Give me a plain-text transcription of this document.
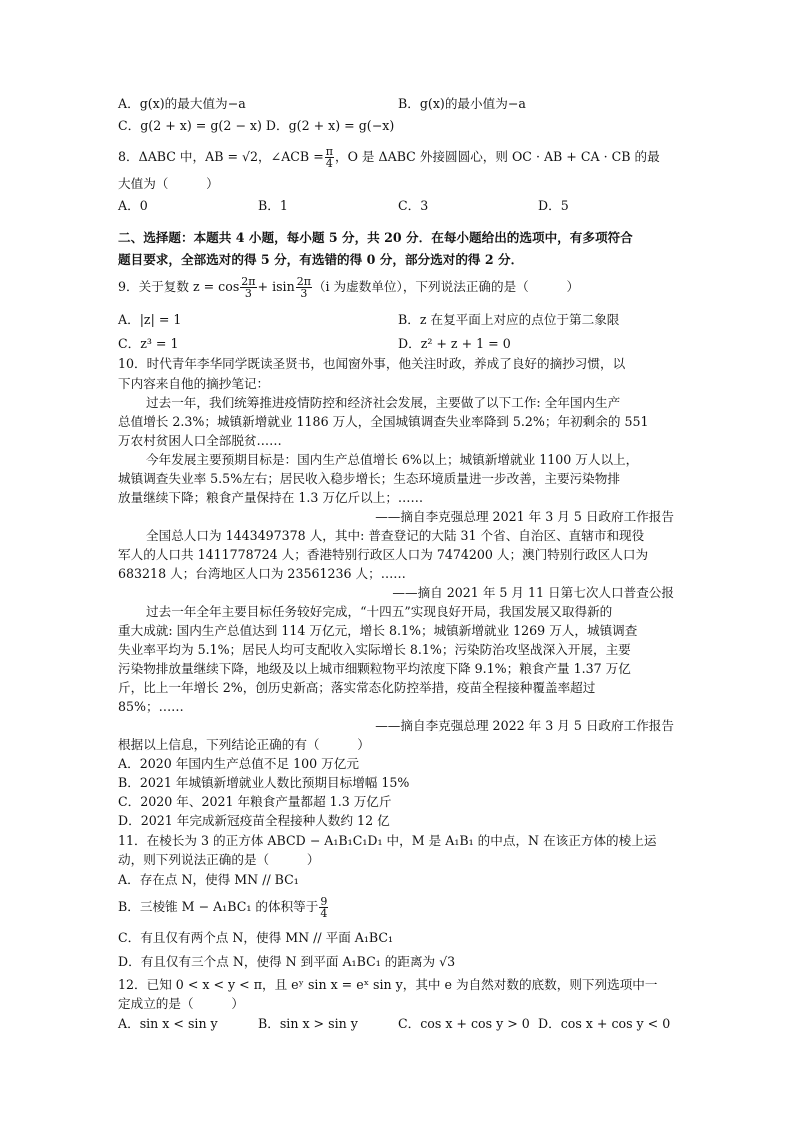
A．g(x)的最大值为−a	B．g(x)的最小值为−a
C．g(2 + x) = g(2 − x) D．g(2 + x) = g(−x)
8．ΔABC 中，AB = √2，∠ACB = $\frac{\pi}{4}$ ，O 是 ΔABC 外接圆圆心，则 OC · AB + CA · CB 的最
大值为（　　　）
A．0	B．1	C．3	D．5
二、选择题：本题共 4 小题，每小题 5 分，共 20 分．在每小题给出的选项中，有多项符合
题目要求，全部选对的得 5 分，有选错的得 0 分，部分选对的得 2 分．
9．关于复数 $z = \cos \frac{2\pi}{3} + isin \frac{2\pi}{3} (i$ 为虚数单位），下列说法正确的是（　　　）
A．|z| = 1	B．z 在复平面上对应的点位于第二象限
C．z³ = 1	D．z² + z + 1 = 0
10．时代青年李华同学既读圣贤书，也闻窗外事，他关注时政，养成了良好的摘抄习惯，以
下内容来自他的摘抄笔记：
过去一年，我们统筹推进疫情防控和经济社会发展，主要做了以下工作: 全年国内生产
总值增长 2.3%；城镇新增就业 1186 万人，全国城镇调查失业率降到 5.2%；年初剩余的 551
万农村贫困人口全部脱贫……
今年发展主要预期目标是：国内生产总值增长 6%以上；城镇新增就业 1100 万人以上，
城镇调查失业率 5.5%左右；居民收入稳步增长；生态环境质量进一步改善，主要污染物排
放量继续下降；粮食产量保持在 1.3 万亿斤以上；……
——摘自李克强总理 2021 年 3 月 5 日政府工作报告
全国总人口为 1443497378 人，其中: 普查登记的大陆 31 个省、自治区、直辖市和现役
军人的人口共 1411778724 人；香港特别行政区人口为 7474200 人；澳门特别行政区人口为
683218 人；台湾地区人口为 23561236 人；……
——摘自 2021 年 5 月 11 日第七次人口普查公报
过去一年全年主要目标任务较好完成，“十四五”实现良好开局，我国发展又取得新的
重大成就: 国内生产总值达到 114 万亿元，增长 8.1%；城镇新增就业 1269 万人，城镇调查
失业率平均为 5.1%；居民人均可支配收入实际增长 8.1%；污染防治攻坚战深入开展，主要
污染物排放量继续下降，地级及以上城市细颗粒物平均浓度下降 9.1%；粮食产量 1.37 万亿
斤，比上一年增长 2%，创历史新高；落实常态化防控举措，疫苗全程接种覆盖率超过
85%；……
——摘自李克强总理 2022 年 3 月 5 日政府工作报告
根据以上信息，下列结论正确的有（　　　）
A．2020 年国内生产总值不足 100 万亿元
B．2021 年城镇新增就业人数比预期目标增幅 15%
C．2020 年、2021 年粮食产量都超 1.3 万亿斤
D．2021 年完成新冠疫苗全程接种人数约 12 亿
11．在棱长为 3 的正方体 ABCD − A₁B₁C₁D₁ 中，M 是 A₁B₁ 的中点，N 在该正方体的棱上运
动，则下列说法正确的是（　　　）
A．存在点 N，使得 MN // BC₁
B．三棱锥 M − A₁BC₁ 的体积等于 $\frac{9}{4}$
C．有且仅有两个点 N，使得 MN // 平面 A₁BC₁
D．有且仅有三个点 N，使得 N 到平面 A₁BC₁ 的距离为 √3
12．已知 0 < x < y < π，且 eʸ sin x = eˣ sin y，其中 e 为自然对数的底数，则下列选项中一
定成立的是（　　　）
A．sin x < sin y	B．sin x > sin y	C．cos x + cos y > 0 D．cos x + cos y < 0
